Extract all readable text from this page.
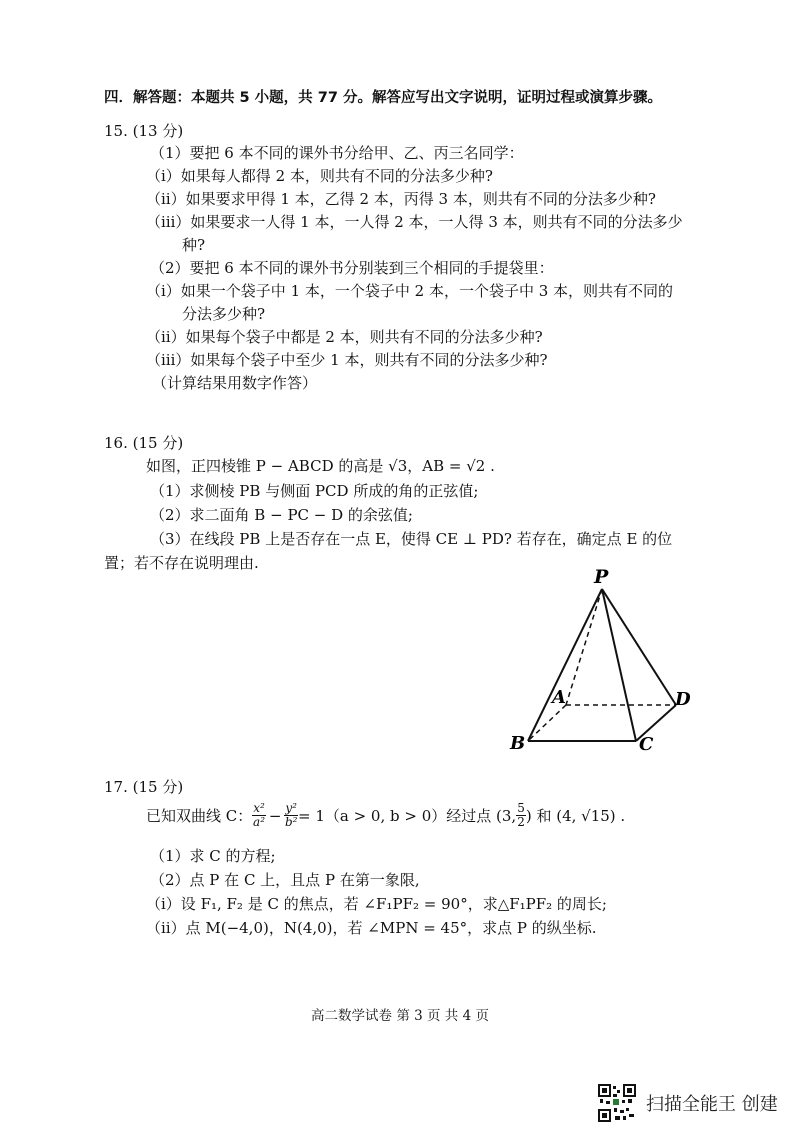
四．解答题：本题共 5 小题，共 77 分。解答应写出文字说明，证明过程或演算步骤。
15. (13 分)
（1）要把 6 本不同的课外书分给甲、乙、丙三名同学：
（ⅰ）如果每人都得 2 本，则共有不同的分法多少种?
（ⅱ）如果要求甲得 1 本，乙得 2 本，丙得 3 本，则共有不同的分法多少种?
（ⅲ）如果要求一人得 1 本，一人得 2 本，一人得 3 本，则共有不同的分法多少
种?
（2）要把 6 本不同的课外书分别装到三个相同的手提袋里：
（ⅰ）如果一个袋子中 1 本，一个袋子中 2 本，一个袋子中 3 本，则共有不同的
分法多少种?
（ⅱ）如果每个袋子中都是 2 本，则共有不同的分法多少种?
（ⅲ）如果每个袋子中至少 1 本，则共有不同的分法多少种?
（计算结果用数字作答）
16. (15 分)
如图，正四棱锥 P − ABCD 的高是 √3，AB = √2 .
（1）求侧棱 PB 与侧面 PCD 所成的角的正弦值;
（2）求二面角 B − PC − D 的余弦值;
（3）在线段 PB 上是否存在一点 E，使得 CE ⊥ PD? 若存在，确定点 E 的位
置；若不存在说明理由.
P
A	D
B	C
17. (15 分)
已知双曲线 C： $\frac{\text{x²}}{\text{a²}} - \frac{\text{y²}}{\text{b²}} = 1(a > 0$, b > 0）经过点 (3, $\frac{5}{2}$ ) 和 (4, √15) .
（1）求 C 的方程;
（2）点 P 在 C 上，且点 P 在第一象限,
（ⅰ）设 F₁, F₂ 是 C 的焦点，若 ∠F₁PF₂ = 90°，求△F₁PF₂ 的周长;
（ⅱ）点 M(−4,0)，N(4,0)，若 ∠MPN = 45°，求点 P 的纵坐标.
高二数学试卷 第 3 页 共 4 页
扫描全能王 创建
